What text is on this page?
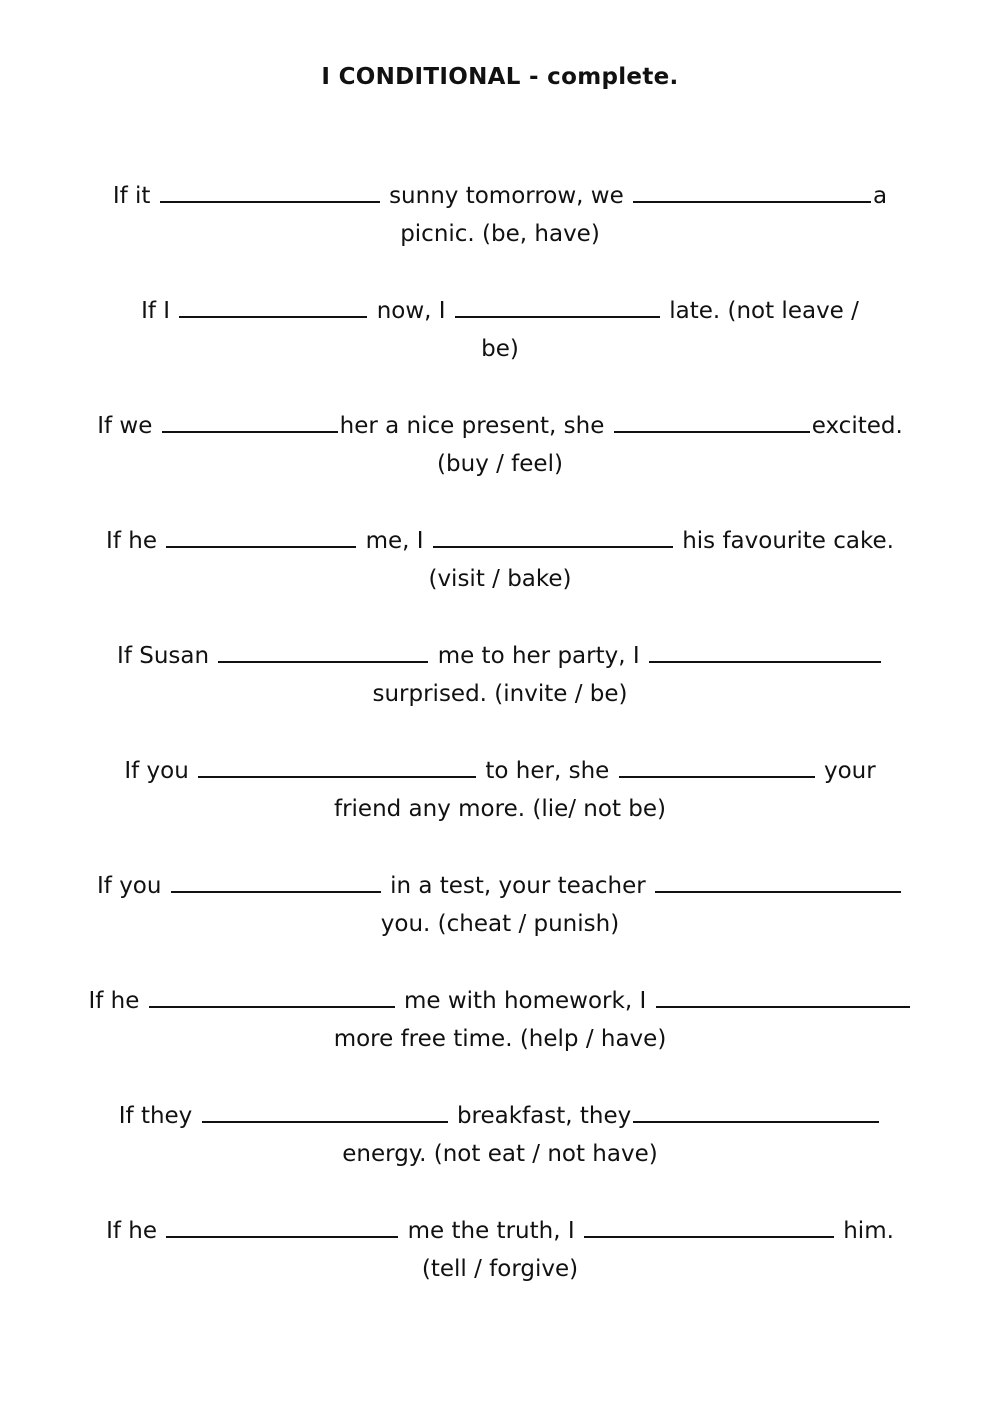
I CONDITIONAL - complete.
If it	sunny tomorrow, we	a
picnic. (be, have)
If I	now, I	late. (not leave /
be)
If we	her a nice present, she	excited.
(buy / feel)
If he	me, I	his favourite cake.
(visit / bake)
If Susan	me to her party, I
surprised. (invite / be)
If you	to her, she	your
friend any more. (lie/ not be)
If you	in a test, your teacher
you. (cheat / punish)
If he	me with homework, I
more free time. (help / have)
If they	breakfast, they
energy. (not eat / not have)
If he	me the truth, I	him.
(tell / forgive)
